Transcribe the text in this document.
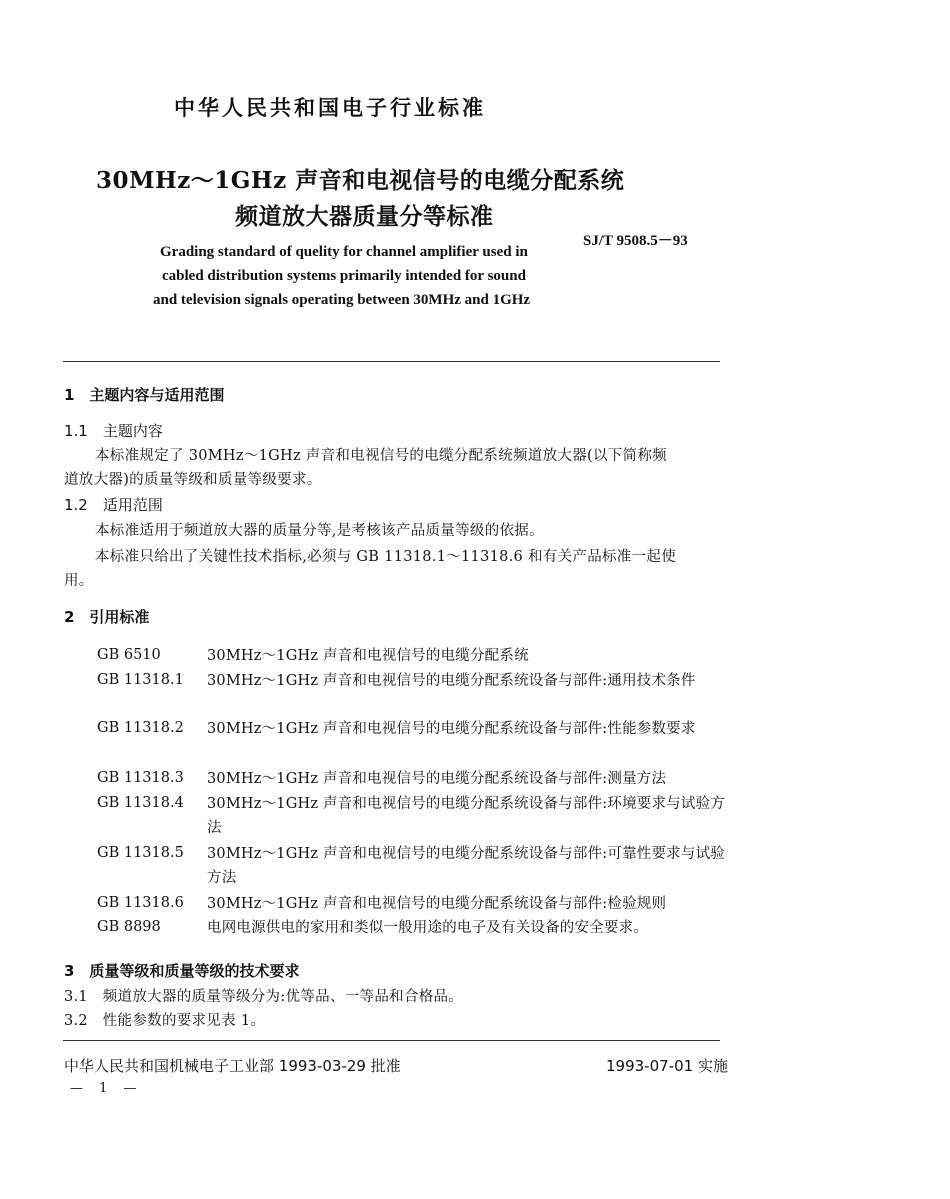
中华人民共和国电子行业标准
30MHz～1GHz 声音和电视信号的电缆分配系统
频道放大器质量分等标准
SJ/T 9508.5－93
Grading standard of quelity for channel amplifier used in
cabled distribution systems primarily intended for sound
and television signals operating between 30MHz and 1GHz
1　主题内容与适用范围
1.1　主题内容
本标准规定了 30MHz～1GHz 声音和电视信号的电缆分配系统频道放大器(以下简称频
道放大器)的质量等级和质量等级要求。
1.2　适用范围
本标准适用于频道放大器的质量分等,是考核该产品质量等级的依据。
本标准只给出了关键性技术指标,必须与 GB 11318.1～11318.6 和有关产品标准一起使
用。
2　引用标准
GB 6510	30MHz～1GHz 声音和电视信号的电缆分配系统
GB 11318.1 30MHz～1GHz 声音和电视信号的电缆分配系统设备与部件:通用技术条件
GB 11318.2 30MHz～1GHz 声音和电视信号的电缆分配系统设备与部件:性能参数要求
GB 11318.3 30MHz～1GHz 声音和电视信号的电缆分配系统设备与部件:测量方法
GB 11318.4 30MHz～1GHz 声音和电视信号的电缆分配系统设备与部件:环境要求与试验方法
GB 11318.5 30MHz～1GHz 声音和电视信号的电缆分配系统设备与部件:可靠性要求与试验方法
GB 11318.6 30MHz～1GHz 声音和电视信号的电缆分配系统设备与部件:检验规则
GB 8898	电网电源供电的家用和类似一般用途的电子及有关设备的安全要求。
3　质量等级和质量等级的技术要求
3.1　频道放大器的质量等级分为:优等品、一等品和合格品。
3.2　性能参数的要求见表 1。
中华人民共和国机械电子工业部 1993-03-29 批准	1993-07-01 实施
— 1 —
